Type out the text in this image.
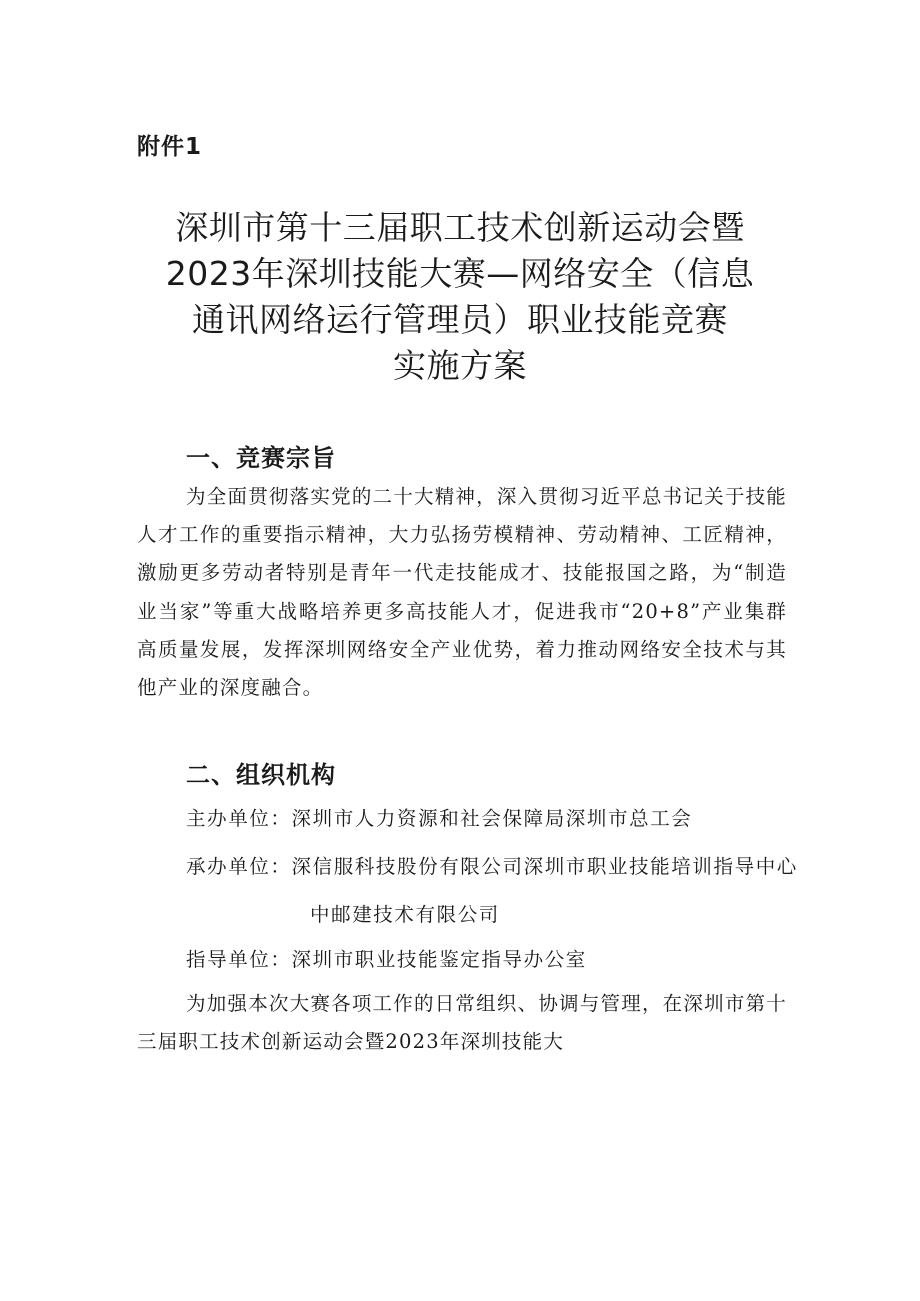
附件1
深圳市第十三届职工技术创新运动会暨
2023年深圳技能大赛—网络安全（信息
通讯网络运行管理员）职业技能竞赛
实施方案
一、竞赛宗旨
为全面贯彻落实党的二十大精神，深入贯彻习近平总书记关于技能人才工作的重要指示精神，大力弘扬劳模精神、劳动精神、工匠精神，激励更多劳动者特别是青年一代走技能成才、技能报国之路，为“制造业当家”等重大战略培养更多高技能人才，促进我市“20+8”产业集群高质量发展，发挥深圳网络安全产业优势，着力推动网络安全技术与其他产业的深度融合。
二、组织机构
主办单位：深圳市人力资源和社会保障局深圳市总工会
承办单位：深信服科技股份有限公司深圳市职业技能培训指导中心
中邮建技术有限公司
指导单位：深圳市职业技能鉴定指导办公室
为加强本次大赛各项工作的日常组织、协调与管理，在深圳市第十三届职工技术创新运动会暨2023年深圳技能大
